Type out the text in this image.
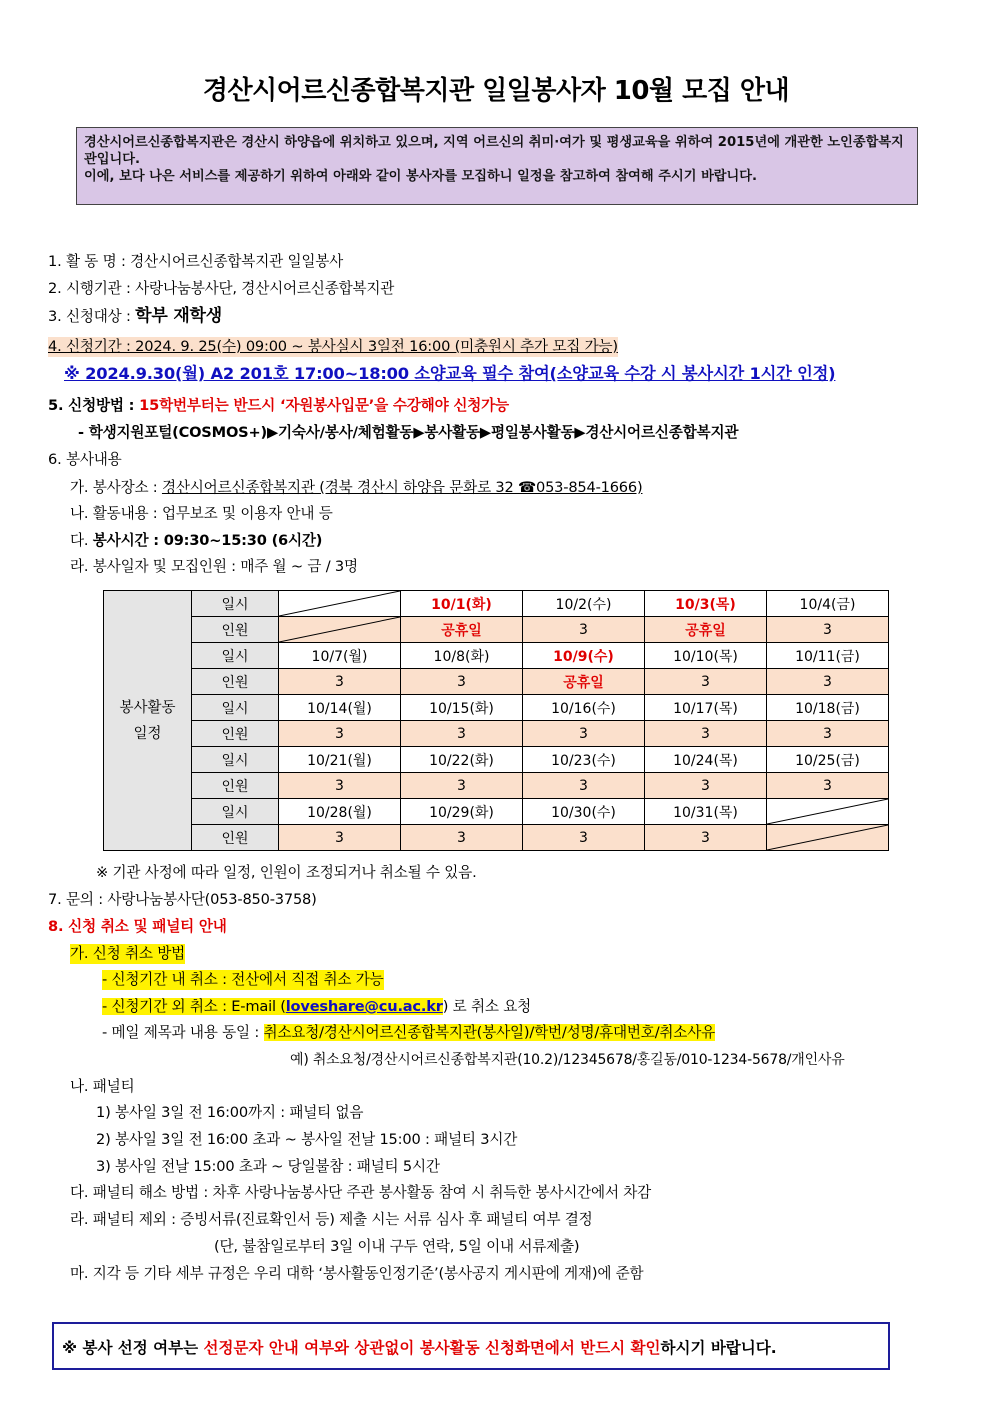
경산시어르신종합복지관 일일봉사자 10월 모집 안내

경산시어르신종합복지관은 경산시 하양읍에 위치하고 있으며, 지역 어르신의 취미·여가 및 평생교육을 위하여 2015년에 개관한 노인종합복지관입니다.

이에, 보다 나은 서비스를 제공하기 위하여 아래와 같이 봉사자를 모집하니 일정을 참고하여 참여해 주시기 바랍니다.

1. 활 동 명 : 경산시어르신종합복지관 일일봉사
2. 시행기관 : 사랑나눔봉사단, 경산시어르신종합복지관
3. 신청대상 : 학부 재학생
4. 신청기간 : 2024. 9. 25(수) 09:00 ~ 봉사실시 3일전 16:00 (미충원시 추가 모집 가능)
※ 2024.9.30(월) A2 201호 17:00~18:00 소양교육 필수 참여(소양교육 수강 시 봉사시간 1시간 인정)
5. 신청방법 : 15학번부터는 반드시 ‘자원봉사입문’을 수강해야 신청가능
- 학생지원포털(COSMOS+)▶기숙사/봉사/체험활동▶봉사활동▶평일봉사활동▶경산시어르신종합복지관
6. 봉사내용
가. 봉사장소 : 경산시어르신종합복지관 (경북 경산시 하양읍 문화로 32 ☎053-854-1666)
나. 활동내용 : 업무보조 및 이용자 안내 등
다. 봉사시간 : 09:30~15:30 (6시간)
라. 봉사일자 및 모집인원 : 매주 월 ~ 금 / 3명
봉사활동
일정	일시		10/1(화)	10/2(수)	10/3(목)	10/4(금)
	인원		공휴일	3	공휴일	3
	일시	10/7(월)	10/8(화)	10/9(수)	10/10(목)	10/11(금)
	인원	3	3	공휴일	3	3
	일시	10/14(월)	10/15(화)	10/16(수)	10/17(목)	10/18(금)
	인원	3	3	3	3	3
	일시	10/21(월)	10/22(화)	10/23(수)	10/24(목)	10/25(금)
	인원	3	3	3	3	3
	일시	10/28(월)	10/29(화)	10/30(수)	10/31(목)	

	인원	3	3	3	3	
※ 기관 사정에 따라 일정, 인원이 조정되거나 취소될 수 있음.
7. 문의 : 사랑나눔봉사단(053-850-3758)
8. 신청 취소 및 패널티 안내
가. 신청 취소 방법
- 신청기간 내 취소 : 전산에서 직접 취소 가능
- 신청기간 외 취소 : E-mail (loveshare@cu.ac.kr) 로 취소 요청
- 메일 제목과 내용 동일 : 취소요청/경산시어르신종합복지관(봉사일)/학번/성명/휴대번호/취소사유
예) 취소요청/경산시어르신종합복지관(10.2)/12345678/홍길동/010-1234-5678/개인사유
나. 패널티
1) 봉사일 3일 전 16:00까지 : 패널티 없음
2) 봉사일 3일 전 16:00 초과 ~ 봉사일 전날 15:00 : 패널티 3시간
3) 봉사일 전날 15:00 초과 ~ 당일불참 : 패널티 5시간
다. 패널티 해소 방법 : 차후 사랑나눔봉사단 주관 봉사활동 참여 시 취득한 봉사시간에서 차감
라. 패널티 제외 : 증빙서류(진료확인서 등) 제출 시는 서류 심사 후 패널티 여부 결정
(단, 불참일로부터 3일 이내 구두 연락, 5일 이내 서류제출)
마. 지각 등 기타 세부 규정은 우리 대학 ‘봉사활동인정기준’(봉사공지 게시판에 게재)에 준함
※ 봉사 선정 여부는 선정문자 안내 여부와 상관없이 봉사활동 신청화면에서 반드시 확인하시기 바랍니다.
